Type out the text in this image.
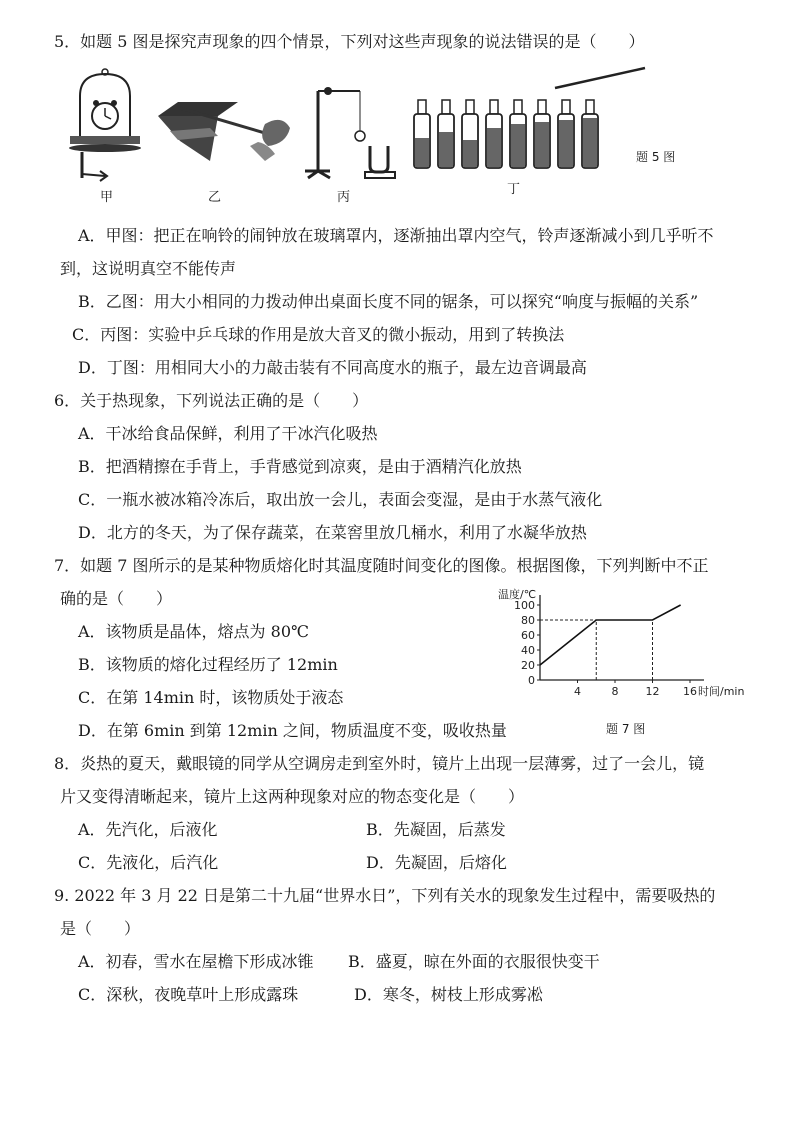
5．如题 5 图是探究声现象的四个情景，下列对这些声现象的说法错误的是（　　）
甲	乙	丙
丁
题 5 图
A．甲图：把正在响铃的闹钟放在玻璃罩内，逐渐抽出罩内空气，铃声逐渐减小到几乎听不
到，这说明真空不能传声
B．乙图：用大小相同的力拨动伸出桌面长度不同的锯条，可以探究“响度与振幅的关系”
C．丙图：实验中乒乓球的作用是放大音叉的微小振动，用到了转换法
D．丁图：用相同大小的力敲击装有不同高度水的瓶子，最左边音调最高
6．关于热现象，下列说法正确的是（　　）
A．干冰给食品保鲜，利用了干冰汽化吸热
B．把酒精擦在手背上，手背感觉到凉爽，是由于酒精汽化放热
C．一瓶水被冰箱冷冻后，取出放一会儿，表面会变湿，是由于水蒸气液化
D．北方的冬天，为了保存蔬菜，在菜窖里放几桶水，利用了水凝华放热
7．如题 7 图所示的是某种物质熔化时其温度随时间变化的图像。根据图像，下列判断中不正
确的是（　　）
A．该物质是晶体，熔点为 80℃
B．该物质的熔化过程经历了 12min
C．在第 14min 时，该物质处于液态
D．在第 6min 到第 12min 之间，物质温度不变，吸收热量
0
20
40
60
80
100
4	8 12 16
温度/℃
时间/min
题 7 图
8．炎热的夏天，戴眼镜的同学从空调房走到室外时，镜片上出现一层薄雾，过了一会儿，镜
片又变得清晰起来，镜片上这两种现象对应的物态变化是（　　）
A．先汽化，后液化	B．先凝固，后蒸发
C．先液化，后汽化	D．先凝固，后熔化
9. 2022 年 3 月 22 日是第二十九届“世界水日”，下列有关水的现象发生过程中，需要吸热的
是（　　）
A．初春，雪水在屋檐下形成冰锥 B．盛夏，晾在外面的衣服很快变干
C．深秋，夜晚草叶上形成露珠	D．寒冬，树枝上形成雾凇
